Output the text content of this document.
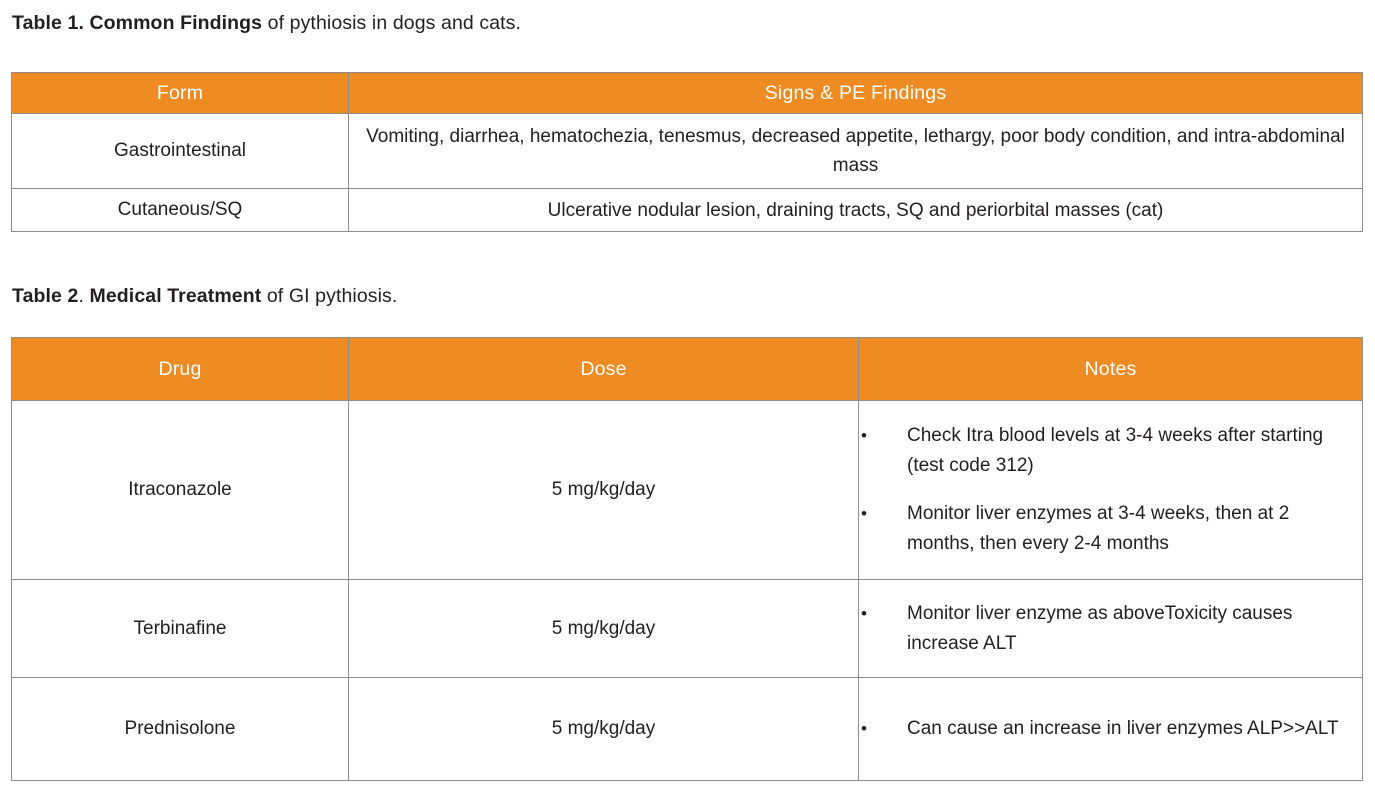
Table 1. Common Findings of pythiosis in dogs and cats.
Form	Signs & PE Findings
Gastrointestinal	Vomiting, diarrhea, hematochezia, tenesmus, decreased appetite, lethargy, poor body condition, and intra-abdominal mass
Cutaneous/SQ	Ulcerative nodular lesion, draining tracts, SQ and periorbital masses (cat)
Table 2. Medical Treatment of GI pythiosis.
Drug	Dose	Notes
Itraconazole	5 mg/kg/day	• Check Itra blood levels at 3-4 weeks after starting (test code 312)
• Monitor liver enzymes at 3-4 weeks, then at 2 months, then every 2-4 months

Terbinafine	5 mg/kg/day	• Monitor liver enzyme as aboveToxicity causes increase ALT

Prednisolone	5 mg/kg/day	• Can cause an increase in liver enzymes ALP>>ALT
